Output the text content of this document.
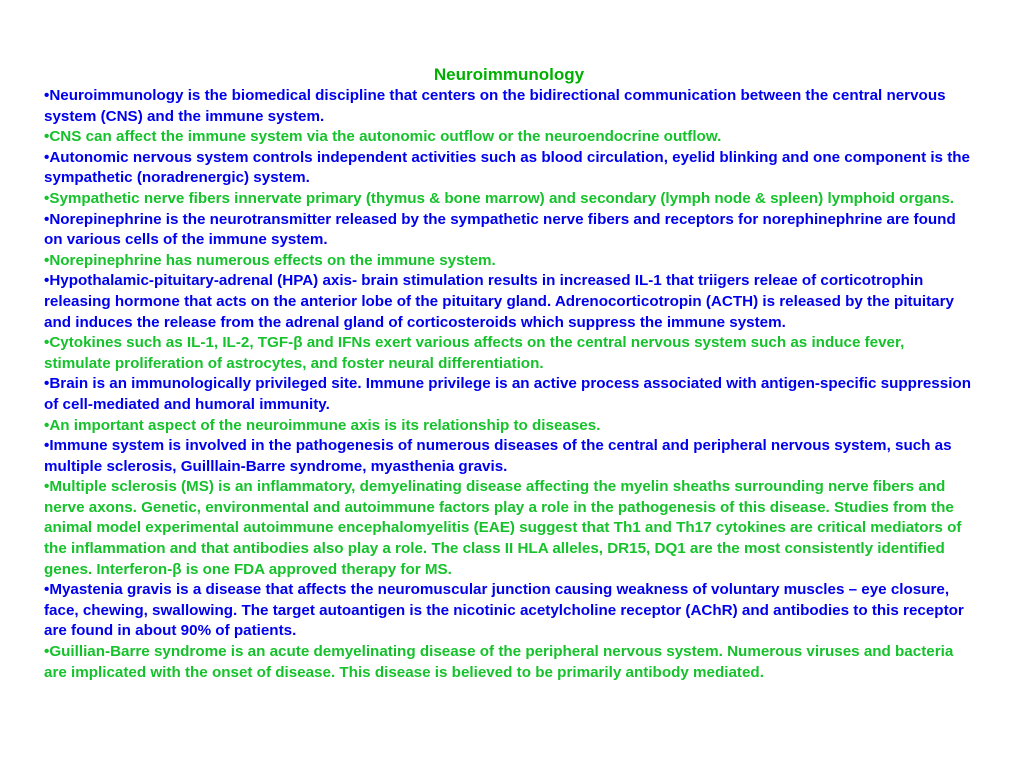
Neuroimmunology

•Neuroimmunology is the biomedical discipline that centers on the bidirectional communication between the central nervous system (CNS) and the immune system.

•CNS can affect the immune system via the autonomic outflow or the neuroendocrine outflow.

•Autonomic nervous system controls independent activities such as blood circulation, eyelid blinking and one component is the sympathetic (noradrenergic) system.

•Sympathetic nerve fibers innervate primary (thymus & bone marrow) and secondary (lymph node & spleen) lymphoid organs.

•Norepinephrine is the neurotransmitter released by the sympathetic nerve fibers and receptors for norephinephrine are found on various cells of the immune system.

•Norepinephrine has numerous effects on the immune system.

•Hypothalamic-pituitary-adrenal (HPA) axis- brain stimulation results in increased IL-1 that triigers releae of corticotrophin releasing hormone that acts on the anterior lobe of the pituitary gland. Adrenocorticotropin (ACTH) is released by the pituitary and induces the release from the adrenal gland of corticosteroids which suppress the immune system.

•Cytokines such as IL-1, IL-2, TGF-β and IFNs exert various affects on the central nervous system such as induce fever, stimulate proliferation of astrocytes, and foster neural differentiation.

•Brain is an immunologically privileged site. Immune privilege is an active process associated with antigen-specific suppression of cell-mediated and humoral immunity.

•An important aspect of the neuroimmune axis is its relationship to diseases.

•Immune system is involved in the pathogenesis of numerous diseases of the central and peripheral nervous system, such as multiple sclerosis, Guilllain-Barre syndrome, myasthenia gravis.

•Multiple sclerosis (MS) is an inflammatory, demyelinating disease affecting the myelin sheaths surrounding nerve fibers and nerve axons. Genetic, environmental and autoimmune factors play a role in the pathogenesis of this disease. Studies from the animal model experimental autoimmune encephalomyelitis (EAE) suggest that Th1 and Th17 cytokines are critical mediators of the inflammation and that antibodies also play a role. The class II HLA alleles, DR15, DQ1 are the most consistently identified genes. Interferon-β is one FDA approved therapy for MS.

•Myastenia gravis is a disease that affects the neuromuscular junction causing weakness of voluntary muscles – eye closure, face, chewing, swallowing. The target autoantigen is the nicotinic acetylcholine receptor (AChR) and antibodies to this receptor are found in about 90% of patients.

•Guillian-Barre syndrome is an acute demyelinating disease of the peripheral nervous system. Numerous viruses and bacteria are implicated with the onset of disease. This disease is believed to be primarily antibody mediated.
